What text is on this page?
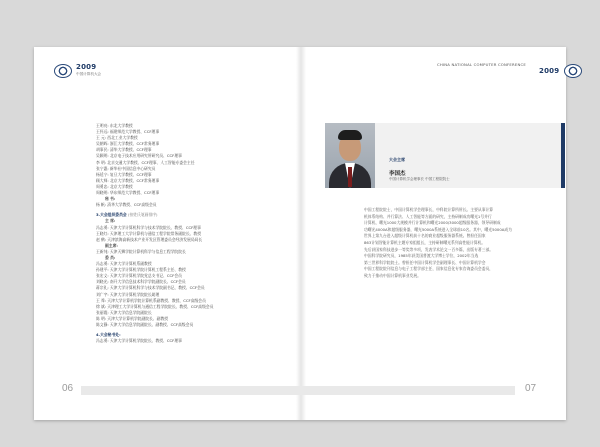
2009
中国计算机大会
王明亮: 东北大学教授
王怀远: 福建师范大学教授、CCF理事
王 元: 西北工业大学教授
吴朝晖: 浙江大学教授、CCF常务理事
胡事民: 清华大学教授、CCF理事
吴颖明: 北京电子技术应用研究所研究员、CCF理事
李 明: 北京交通大学教授、CCF理事、人工智能专委会主任
张宁惠: 新华社中国信息中心研究员
杨延宁: 复旦大学教授、CCF理事
顾大师: 北京大学教授、CCF常务理事
周勇忠: 北京大学教授
周晓明: 华东师范大学教授、CCF理事
秘 书:
杨 帆: 清华大学教授、CCF高级会员
3.大会组织委员会 (按姓氏笔画排序)
主 席:
冯志勇: 天津大学计算机科学与技术学院院长、教授、CCF理事
王晓红: 天津理工大学计算机与通信工程学院常务副院长、教授
赵 鹤: 天津滨海高新技术产业开发区管理委员会经济发展局局长
副主席:
王新纯: 天津天狮学院计算机科学与信息工程学院院长
委 员:
冯志勇: 天津大学计算机系副教授
孙建平: 天津大学计算机学院计算机工程系主任、教授
张宏义: 天津大学计算机学院党总支书记、CCF会员
刘晓光: 南开大学信息技术科学学院副院长、CCF会员
蒋宗礼: 天津大学计算机科学与技术学院副书记、教授、CCF会员
刘广宇: 天津大学计算机学院院长助理
王 舜: 天津大学计算机学院计算机系副教授、教授、CCF高级会员
徐 斌: 天津理工大学计算机与通信工程学院院长、教授、CCF高级会员
张丽霞: 天津大学信息学院副院长
陈 明: 天津大学计算机学院副院长、副教授
陈文静: 天津大学信息学院副院长、副教授、CCF高级会员
4.大会秘书处:
冯志勇: 天津大学计算机学院院长、教授、CCF理事
06
CHINA NATIONAL COMPUTER CONFERENCE
2009
大会主席
李国杰
中国计算机学会理事长 中国工程院院士
中国工程院院士，中国计算机学会理事长，中科院计算所所长。主要从事计算
机体系结构、并行算法、人工智能等方面的研究，主持研制成功曙光1号并行
计算机、曙光1000大规模并行计算机和曙光2000/3000超级服务器，领导研制成
功曙光4000A和超级服务器，曙光5000A系统进入全球前10名。其中，曙光5000A成为
世界上第九台进入超级计算机前十名的商业超级服务器系统。曾担任国家
863计划智能计算机主题专家组组长，主持研制曙光系列高性能计算机。
先后获国家科技进步一等奖等多项，发表学术论文一百多篇，出版专著三部。
中国科学院研究员，1985年获美国普渡大学博士学位，2002年当选
第三世界科学院院士。曾担任中国计算机学会副理事长、中国计算机学会
中国工程院院刊信息与电子工程学部主任，国家信息化专家咨询委员会委员，
致力于推动中国计算机事业发展。
07
